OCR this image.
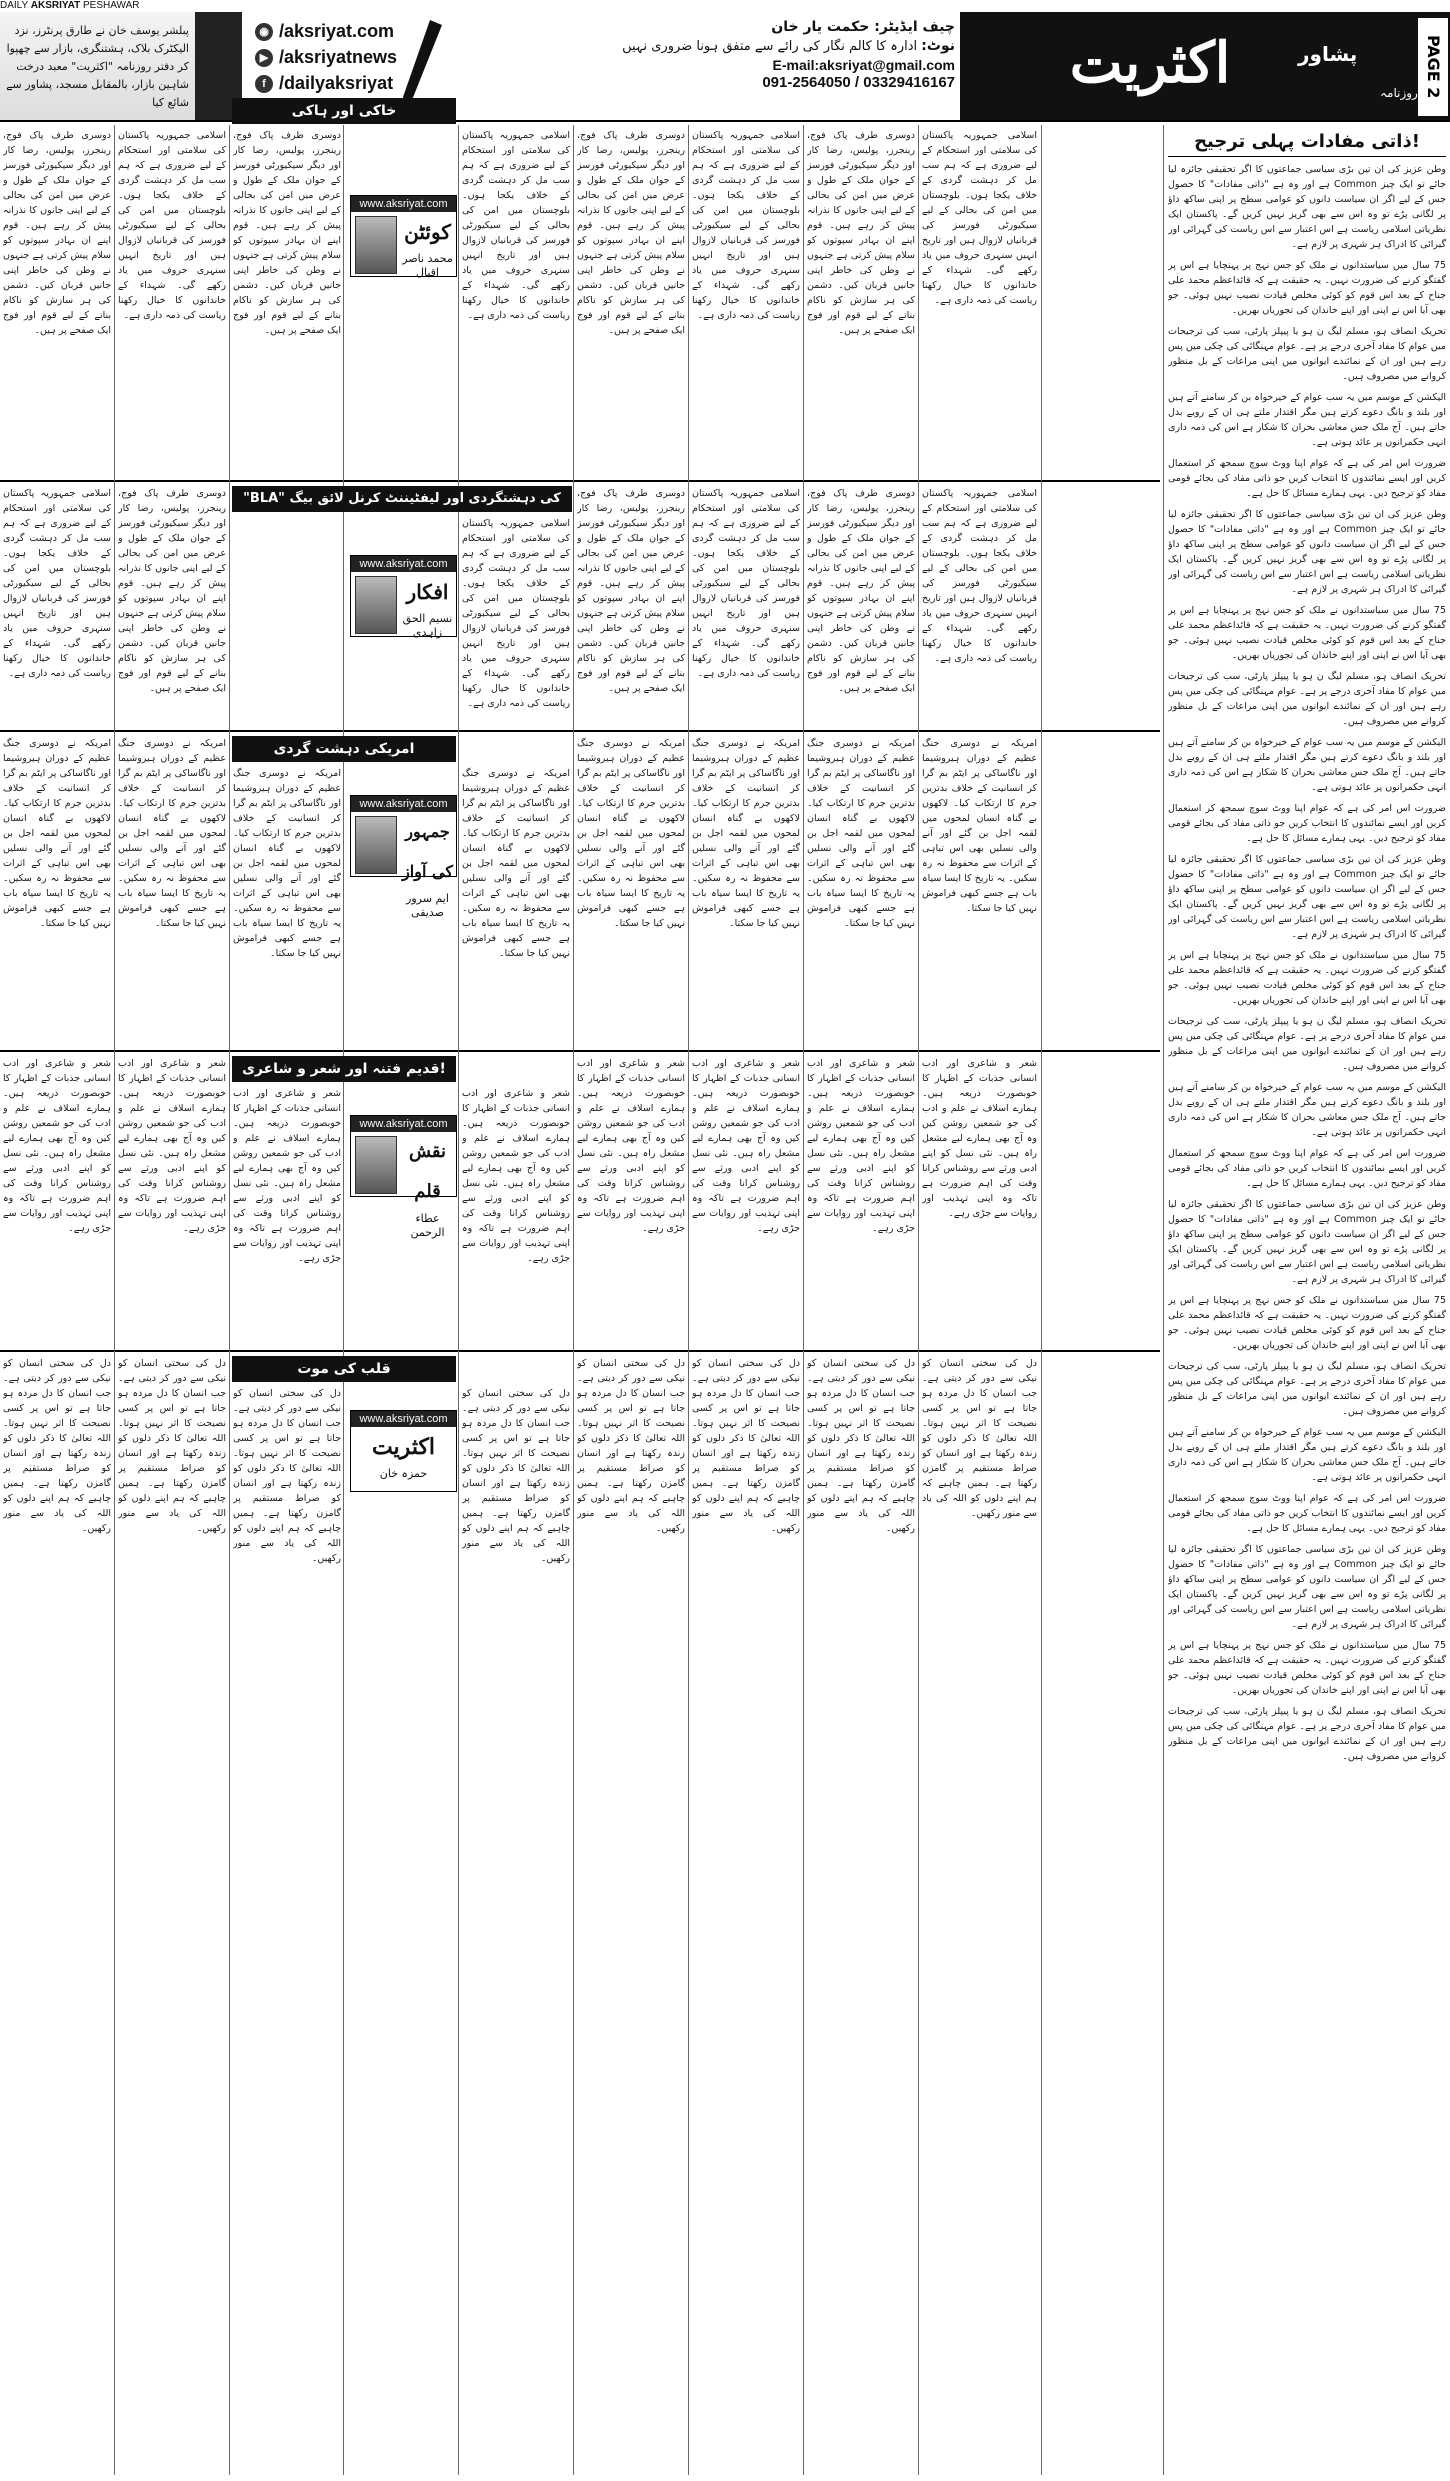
DAILY AKSRIYAT PESHAWAR
پبلشر یوسف خان نے طارق پرنٹرز، نزد الیکٹرک بلاک، ہشتنگری، بازار سے چھپوا کر دفتر روزنامہ "اکثریت" معبد درخت شاہین بازار، بالمقابل مسجد، پشاور سے شائع کیا
◉ /aksriyat.com
▶ /aksriyatnews
f /dailyaksriyat
چیف ایڈیٹر: حکمت یار خان
نوٹ: ادارہ کا کالم نگار کی رائے سے متفق ہونا ضروری نہیں
E-mail:aksriyat@gmail.com
091-2564050 / 03329416167	اکثریت	پشاور
روزنامہ PAGE 2
ذاتی مفادات پہلی ترجیح!

وطن عزیز کی ان تین بڑی سیاسی جماعتوں کا اگر تحقیقی جائزہ لیا جائے تو ایک چیز Common ہے اور وہ ہے "ذاتی مفادات" کا حصول جس کے لیے اگر ان سیاست دانوں کو عوامی سطح پر اپنی ساکھ داؤ پر لگانی پڑے تو وہ اس سے بھی گریز نہیں کریں گے۔ پاکستان ایک نظریاتی اسلامی ریاست ہے اس اعتبار سے اس ریاست کی گہرائی اور گیرائی کا ادراک ہر شہری پر لازم ہے۔

75 سال میں سیاستدانوں نے ملک کو جس نہج پر پہنچایا ہے اس پر گفتگو کرنے کی ضرورت نہیں۔ یہ حقیقت ہے کہ قائداعظم محمد علی جناح کے بعد اس قوم کو کوئی مخلص قیادت نصیب نہیں ہوئی۔ جو بھی آیا اس نے اپنی اور اپنے خاندان کی تجوریاں بھریں۔

تحریک انصاف ہو، مسلم لیگ ن ہو یا پیپلز پارٹی، سب کی ترجیحات میں عوام کا مفاد آخری درجے پر ہے۔ عوام مہنگائی کی چکی میں پس رہے ہیں اور ان کے نمائندے ایوانوں میں اپنی مراعات کے بل منظور کروانے میں مصروف ہیں۔

الیکشن کے موسم میں یہ سب عوام کے خیرخواہ بن کر سامنے آتے ہیں اور بلند و بانگ دعوے کرتے ہیں مگر اقتدار ملتے ہی ان کے رویے بدل جاتے ہیں۔ آج ملک جس معاشی بحران کا شکار ہے اس کی ذمہ داری انہی حکمرانوں پر عائد ہوتی ہے۔

ضرورت اس امر کی ہے کہ عوام اپنا ووٹ سوچ سمجھ کر استعمال کریں اور ایسے نمائندوں کا انتخاب کریں جو ذاتی مفاد کی بجائے قومی مفاد کو ترجیح دیں۔ یہی ہمارے مسائل کا حل ہے۔

وطن عزیز کی ان تین بڑی سیاسی جماعتوں کا اگر تحقیقی جائزہ لیا جائے تو ایک چیز Common ہے اور وہ ہے "ذاتی مفادات" کا حصول جس کے لیے اگر ان سیاست دانوں کو عوامی سطح پر اپنی ساکھ داؤ پر لگانی پڑے تو وہ اس سے بھی گریز نہیں کریں گے۔ پاکستان ایک نظریاتی اسلامی ریاست ہے اس اعتبار سے اس ریاست کی گہرائی اور گیرائی کا ادراک ہر شہری پر لازم ہے۔

75 سال میں سیاستدانوں نے ملک کو جس نہج پر پہنچایا ہے اس پر گفتگو کرنے کی ضرورت نہیں۔ یہ حقیقت ہے کہ قائداعظم محمد علی جناح کے بعد اس قوم کو کوئی مخلص قیادت نصیب نہیں ہوئی۔ جو بھی آیا اس نے اپنی اور اپنے خاندان کی تجوریاں بھریں۔

تحریک انصاف ہو، مسلم لیگ ن ہو یا پیپلز پارٹی، سب کی ترجیحات میں عوام کا مفاد آخری درجے پر ہے۔ عوام مہنگائی کی چکی میں پس رہے ہیں اور ان کے نمائندے ایوانوں میں اپنی مراعات کے بل منظور کروانے میں مصروف ہیں۔

الیکشن کے موسم میں یہ سب عوام کے خیرخواہ بن کر سامنے آتے ہیں اور بلند و بانگ دعوے کرتے ہیں مگر اقتدار ملتے ہی ان کے رویے بدل جاتے ہیں۔ آج ملک جس معاشی بحران کا شکار ہے اس کی ذمہ داری انہی حکمرانوں پر عائد ہوتی ہے۔

ضرورت اس امر کی ہے کہ عوام اپنا ووٹ سوچ سمجھ کر استعمال کریں اور ایسے نمائندوں کا انتخاب کریں جو ذاتی مفاد کی بجائے قومی مفاد کو ترجیح دیں۔ یہی ہمارے مسائل کا حل ہے۔

وطن عزیز کی ان تین بڑی سیاسی جماعتوں کا اگر تحقیقی جائزہ لیا جائے تو ایک چیز Common ہے اور وہ ہے "ذاتی مفادات" کا حصول جس کے لیے اگر ان سیاست دانوں کو عوامی سطح پر اپنی ساکھ داؤ پر لگانی پڑے تو وہ اس سے بھی گریز نہیں کریں گے۔ پاکستان ایک نظریاتی اسلامی ریاست ہے اس اعتبار سے اس ریاست کی گہرائی اور گیرائی کا ادراک ہر شہری پر لازم ہے۔

75 سال میں سیاستدانوں نے ملک کو جس نہج پر پہنچایا ہے اس پر گفتگو کرنے کی ضرورت نہیں۔ یہ حقیقت ہے کہ قائداعظم محمد علی جناح کے بعد اس قوم کو کوئی مخلص قیادت نصیب نہیں ہوئی۔ جو بھی آیا اس نے اپنی اور اپنے خاندان کی تجوریاں بھریں۔

تحریک انصاف ہو، مسلم لیگ ن ہو یا پیپلز پارٹی، سب کی ترجیحات میں عوام کا مفاد آخری درجے پر ہے۔ عوام مہنگائی کی چکی میں پس رہے ہیں اور ان کے نمائندے ایوانوں میں اپنی مراعات کے بل منظور کروانے میں مصروف ہیں۔

الیکشن کے موسم میں یہ سب عوام کے خیرخواہ بن کر سامنے آتے ہیں اور بلند و بانگ دعوے کرتے ہیں مگر اقتدار ملتے ہی ان کے رویے بدل جاتے ہیں۔ آج ملک جس معاشی بحران کا شکار ہے اس کی ذمہ داری انہی حکمرانوں پر عائد ہوتی ہے۔

ضرورت اس امر کی ہے کہ عوام اپنا ووٹ سوچ سمجھ کر استعمال کریں اور ایسے نمائندوں کا انتخاب کریں جو ذاتی مفاد کی بجائے قومی مفاد کو ترجیح دیں۔ یہی ہمارے مسائل کا حل ہے۔

وطن عزیز کی ان تین بڑی سیاسی جماعتوں کا اگر تحقیقی جائزہ لیا جائے تو ایک چیز Common ہے اور وہ ہے "ذاتی مفادات" کا حصول جس کے لیے اگر ان سیاست دانوں کو عوامی سطح پر اپنی ساکھ داؤ پر لگانی پڑے تو وہ اس سے بھی گریز نہیں کریں گے۔ پاکستان ایک نظریاتی اسلامی ریاست ہے اس اعتبار سے اس ریاست کی گہرائی اور گیرائی کا ادراک ہر شہری پر لازم ہے۔

75 سال میں سیاستدانوں نے ملک کو جس نہج پر پہنچایا ہے اس پر گفتگو کرنے کی ضرورت نہیں۔ یہ حقیقت ہے کہ قائداعظم محمد علی جناح کے بعد اس قوم کو کوئی مخلص قیادت نصیب نہیں ہوئی۔ جو بھی آیا اس نے اپنی اور اپنے خاندان کی تجوریاں بھریں۔

تحریک انصاف ہو، مسلم لیگ ن ہو یا پیپلز پارٹی، سب کی ترجیحات میں عوام کا مفاد آخری درجے پر ہے۔ عوام مہنگائی کی چکی میں پس رہے ہیں اور ان کے نمائندے ایوانوں میں اپنی مراعات کے بل منظور کروانے میں مصروف ہیں۔

الیکشن کے موسم میں یہ سب عوام کے خیرخواہ بن کر سامنے آتے ہیں اور بلند و بانگ دعوے کرتے ہیں مگر اقتدار ملتے ہی ان کے رویے بدل جاتے ہیں۔ آج ملک جس معاشی بحران کا شکار ہے اس کی ذمہ داری انہی حکمرانوں پر عائد ہوتی ہے۔

ضرورت اس امر کی ہے کہ عوام اپنا ووٹ سوچ سمجھ کر استعمال کریں اور ایسے نمائندوں کا انتخاب کریں جو ذاتی مفاد کی بجائے قومی مفاد کو ترجیح دیں۔ یہی ہمارے مسائل کا حل ہے۔

وطن عزیز کی ان تین بڑی سیاسی جماعتوں کا اگر تحقیقی جائزہ لیا جائے تو ایک چیز Common ہے اور وہ ہے "ذاتی مفادات" کا حصول جس کے لیے اگر ان سیاست دانوں کو عوامی سطح پر اپنی ساکھ داؤ پر لگانی پڑے تو وہ اس سے بھی گریز نہیں کریں گے۔ پاکستان ایک نظریاتی اسلامی ریاست ہے اس اعتبار سے اس ریاست کی گہرائی اور گیرائی کا ادراک ہر شہری پر لازم ہے۔

75 سال میں سیاستدانوں نے ملک کو جس نہج پر پہنچایا ہے اس پر گفتگو کرنے کی ضرورت نہیں۔ یہ حقیقت ہے کہ قائداعظم محمد علی جناح کے بعد اس قوم کو کوئی مخلص قیادت نصیب نہیں ہوئی۔ جو بھی آیا اس نے اپنی اور اپنے خاندان کی تجوریاں بھریں۔

تحریک انصاف ہو، مسلم لیگ ن ہو یا پیپلز پارٹی، سب کی ترجیحات میں عوام کا مفاد آخری درجے پر ہے۔ عوام مہنگائی کی چکی میں پس رہے ہیں اور ان کے نمائندے ایوانوں میں اپنی مراعات کے بل منظور کروانے میں مصروف ہیں۔

خاکی اور ہاکی
www.aksriyat.com
کوئٹن
محمد ناصر اقبال
"BLA" کی دہشتگردی اور لیفٹیننٹ کرنل لائق بیگ مرزا کی شہادت
www.aksriyat.com
افکار
نسیم الحق زاہدی
امریکی دہشت گردی
www.aksriyat.com
جمہور کی آواز
ایم سرور صدیقی
قدیم فتنہ اور شعر و شاعری!
www.aksriyat.com
نقش قلم
عطاء الرحمن
قلب کی موت
www.aksriyat.com
اکثریت
حمزہ خان
اسلامی جمہوریہ پاکستان کی سلامتی اور استحکام کے لیے ضروری ہے کہ ہم سب مل کر دہشت گردی کے خلاف یکجا ہوں۔ بلوچستان میں امن کی بحالی کے لیے سیکیورٹی فورسز کی قربانیاں لازوال ہیں اور تاریخ انہیں سنہری حروف میں یاد رکھے گی۔ شہداء کے خاندانوں کا خیال رکھنا ریاست کی ذمہ داری ہے۔
دوسری طرف پاک فوج، رینجرز، پولیس، رضا کار اور دیگر سیکیورٹی فورسز کے جوان ملک کے طول و عرض میں امن کی بحالی کے لیے اپنی جانوں کا نذرانہ پیش کر رہے ہیں۔ قوم اپنے ان بہادر سپوتوں کو سلام پیش کرتی ہے جنہوں نے وطن کی خاطر اپنی جانیں قربان کیں۔ دشمن کی ہر سازش کو ناکام بنانے کے لیے قوم اور فوج ایک صفحے پر ہیں۔
اسلامی جمہوریہ پاکستان کی سلامتی اور استحکام کے لیے ضروری ہے کہ ہم سب مل کر دہشت گردی کے خلاف یکجا ہوں۔ بلوچستان میں امن کی بحالی کے لیے سیکیورٹی فورسز کی قربانیاں لازوال ہیں اور تاریخ انہیں سنہری حروف میں یاد رکھے گی۔ شہداء کے خاندانوں کا خیال رکھنا ریاست کی ذمہ داری ہے۔
دوسری طرف پاک فوج، رینجرز، پولیس، رضا کار اور دیگر سیکیورٹی فورسز کے جوان ملک کے طول و عرض میں امن کی بحالی کے لیے اپنی جانوں کا نذرانہ پیش کر رہے ہیں۔ قوم اپنے ان بہادر سپوتوں کو سلام پیش کرتی ہے جنہوں نے وطن کی خاطر اپنی جانیں قربان کیں۔ دشمن کی ہر سازش کو ناکام بنانے کے لیے قوم اور فوج ایک صفحے پر ہیں۔
اسلامی جمہوریہ پاکستان کی سلامتی اور استحکام کے لیے ضروری ہے کہ ہم سب مل کر دہشت گردی کے خلاف یکجا ہوں۔ بلوچستان میں امن کی بحالی کے لیے سیکیورٹی فورسز کی قربانیاں لازوال ہیں اور تاریخ انہیں سنہری حروف میں یاد رکھے گی۔ شہداء کے خاندانوں کا خیال رکھنا ریاست کی ذمہ داری ہے۔
دوسری طرف پاک فوج، رینجرز، پولیس، رضا کار اور دیگر سیکیورٹی فورسز کے جوان ملک کے طول و عرض میں امن کی بحالی کے لیے اپنی جانوں کا نذرانہ پیش کر رہے ہیں۔ قوم اپنے ان بہادر سپوتوں کو سلام پیش کرتی ہے جنہوں نے وطن کی خاطر اپنی جانیں قربان کیں۔ دشمن کی ہر سازش کو ناکام بنانے کے لیے قوم اور فوج ایک صفحے پر ہیں۔
اسلامی جمہوریہ پاکستان کی سلامتی اور استحکام کے لیے ضروری ہے کہ ہم سب مل کر دہشت گردی کے خلاف یکجا ہوں۔ بلوچستان میں امن کی بحالی کے لیے سیکیورٹی فورسز کی قربانیاں لازوال ہیں اور تاریخ انہیں سنہری حروف میں یاد رکھے گی۔ شہداء کے خاندانوں کا خیال رکھنا ریاست کی ذمہ داری ہے۔
دوسری طرف پاک فوج، رینجرز، پولیس، رضا کار اور دیگر سیکیورٹی فورسز کے جوان ملک کے طول و عرض میں امن کی بحالی کے لیے اپنی جانوں کا نذرانہ پیش کر رہے ہیں۔ قوم اپنے ان بہادر سپوتوں کو سلام پیش کرتی ہے جنہوں نے وطن کی خاطر اپنی جانیں قربان کیں۔ دشمن کی ہر سازش کو ناکام بنانے کے لیے قوم اور فوج ایک صفحے پر ہیں۔
اسلامی جمہوریہ پاکستان کی سلامتی اور استحکام کے لیے ضروری ہے کہ ہم سب مل کر دہشت گردی کے خلاف یکجا ہوں۔ بلوچستان میں امن کی بحالی کے لیے سیکیورٹی فورسز کی قربانیاں لازوال ہیں اور تاریخ انہیں سنہری حروف میں یاد رکھے گی۔ شہداء کے خاندانوں کا خیال رکھنا ریاست کی ذمہ داری ہے۔
دوسری طرف پاک فوج، رینجرز، پولیس، رضا کار اور دیگر سیکیورٹی فورسز کے جوان ملک کے طول و عرض میں امن کی بحالی کے لیے اپنی جانوں کا نذرانہ پیش کر رہے ہیں۔ قوم اپنے ان بہادر سپوتوں کو سلام پیش کرتی ہے جنہوں نے وطن کی خاطر اپنی جانیں قربان کیں۔ دشمن کی ہر سازش کو ناکام بنانے کے لیے قوم اور فوج ایک صفحے پر ہیں۔
اسلامی جمہوریہ پاکستان کی سلامتی اور استحکام کے لیے ضروری ہے کہ ہم سب مل کر دہشت گردی کے خلاف یکجا ہوں۔ بلوچستان میں امن کی بحالی کے لیے سیکیورٹی فورسز کی قربانیاں لازوال ہیں اور تاریخ انہیں سنہری حروف میں یاد رکھے گی۔ شہداء کے خاندانوں کا خیال رکھنا ریاست کی ذمہ داری ہے۔
دوسری طرف پاک فوج، رینجرز، پولیس، رضا کار اور دیگر سیکیورٹی فورسز کے جوان ملک کے طول و عرض میں امن کی بحالی کے لیے اپنی جانوں کا نذرانہ پیش کر رہے ہیں۔ قوم اپنے ان بہادر سپوتوں کو سلام پیش کرتی ہے جنہوں نے وطن کی خاطر اپنی جانیں قربان کیں۔ دشمن کی ہر سازش کو ناکام بنانے کے لیے قوم اور فوج ایک صفحے پر ہیں۔
اسلامی جمہوریہ پاکستان کی سلامتی اور استحکام کے لیے ضروری ہے کہ ہم سب مل کر دہشت گردی کے خلاف یکجا ہوں۔ بلوچستان میں امن کی بحالی کے لیے سیکیورٹی فورسز کی قربانیاں لازوال ہیں اور تاریخ انہیں سنہری حروف میں یاد رکھے گی۔ شہداء کے خاندانوں کا خیال رکھنا ریاست کی ذمہ داری ہے۔
دوسری طرف پاک فوج، رینجرز، پولیس، رضا کار اور دیگر سیکیورٹی فورسز کے جوان ملک کے طول و عرض میں امن کی بحالی کے لیے اپنی جانوں کا نذرانہ پیش کر رہے ہیں۔ قوم اپنے ان بہادر سپوتوں کو سلام پیش کرتی ہے جنہوں نے وطن کی خاطر اپنی جانیں قربان کیں۔ دشمن کی ہر سازش کو ناکام بنانے کے لیے قوم اور فوج ایک صفحے پر ہیں۔
اسلامی جمہوریہ پاکستان کی سلامتی اور استحکام کے لیے ضروری ہے کہ ہم سب مل کر دہشت گردی کے خلاف یکجا ہوں۔ بلوچستان میں امن کی بحالی کے لیے سیکیورٹی فورسز کی قربانیاں لازوال ہیں اور تاریخ انہیں سنہری حروف میں یاد رکھے گی۔ شہداء کے خاندانوں کا خیال رکھنا ریاست کی ذمہ داری ہے۔
امریکہ نے دوسری جنگ عظیم کے دوران ہیروشیما اور ناگاساکی پر ایٹم بم گرا کر انسانیت کے خلاف بدترین جرم کا ارتکاب کیا۔ لاکھوں بے گناہ انسان لمحوں میں لقمہ اجل بن گئے اور آنے والی نسلیں بھی اس تباہی کے اثرات سے محفوظ نہ رہ سکیں۔ یہ تاریخ کا ایسا سیاہ باب ہے جسے کبھی فراموش نہیں کیا جا سکتا۔
امریکہ نے دوسری جنگ عظیم کے دوران ہیروشیما اور ناگاساکی پر ایٹم بم گرا کر انسانیت کے خلاف بدترین جرم کا ارتکاب کیا۔ لاکھوں بے گناہ انسان لمحوں میں لقمہ اجل بن گئے اور آنے والی نسلیں بھی اس تباہی کے اثرات سے محفوظ نہ رہ سکیں۔ یہ تاریخ کا ایسا سیاہ باب ہے جسے کبھی فراموش نہیں کیا جا سکتا۔
امریکہ نے دوسری جنگ عظیم کے دوران ہیروشیما اور ناگاساکی پر ایٹم بم گرا کر انسانیت کے خلاف بدترین جرم کا ارتکاب کیا۔ لاکھوں بے گناہ انسان لمحوں میں لقمہ اجل بن گئے اور آنے والی نسلیں بھی اس تباہی کے اثرات سے محفوظ نہ رہ سکیں۔ یہ تاریخ کا ایسا سیاہ باب ہے جسے کبھی فراموش نہیں کیا جا سکتا۔
امریکہ نے دوسری جنگ عظیم کے دوران ہیروشیما اور ناگاساکی پر ایٹم بم گرا کر انسانیت کے خلاف بدترین جرم کا ارتکاب کیا۔ لاکھوں بے گناہ انسان لمحوں میں لقمہ اجل بن گئے اور آنے والی نسلیں بھی اس تباہی کے اثرات سے محفوظ نہ رہ سکیں۔ یہ تاریخ کا ایسا سیاہ باب ہے جسے کبھی فراموش نہیں کیا جا سکتا۔
امریکہ نے دوسری جنگ عظیم کے دوران ہیروشیما اور ناگاساکی پر ایٹم بم گرا کر انسانیت کے خلاف بدترین جرم کا ارتکاب کیا۔ لاکھوں بے گناہ انسان لمحوں میں لقمہ اجل بن گئے اور آنے والی نسلیں بھی اس تباہی کے اثرات سے محفوظ نہ رہ سکیں۔ یہ تاریخ کا ایسا سیاہ باب ہے جسے کبھی فراموش نہیں کیا جا سکتا۔
امریکہ نے دوسری جنگ عظیم کے دوران ہیروشیما اور ناگاساکی پر ایٹم بم گرا کر انسانیت کے خلاف بدترین جرم کا ارتکاب کیا۔ لاکھوں بے گناہ انسان لمحوں میں لقمہ اجل بن گئے اور آنے والی نسلیں بھی اس تباہی کے اثرات سے محفوظ نہ رہ سکیں۔ یہ تاریخ کا ایسا سیاہ باب ہے جسے کبھی فراموش نہیں کیا جا سکتا۔
امریکہ نے دوسری جنگ عظیم کے دوران ہیروشیما اور ناگاساکی پر ایٹم بم گرا کر انسانیت کے خلاف بدترین جرم کا ارتکاب کیا۔ لاکھوں بے گناہ انسان لمحوں میں لقمہ اجل بن گئے اور آنے والی نسلیں بھی اس تباہی کے اثرات سے محفوظ نہ رہ سکیں۔ یہ تاریخ کا ایسا سیاہ باب ہے جسے کبھی فراموش نہیں کیا جا سکتا۔
امریکہ نے دوسری جنگ عظیم کے دوران ہیروشیما اور ناگاساکی پر ایٹم بم گرا کر انسانیت کے خلاف بدترین جرم کا ارتکاب کیا۔ لاکھوں بے گناہ انسان لمحوں میں لقمہ اجل بن گئے اور آنے والی نسلیں بھی اس تباہی کے اثرات سے محفوظ نہ رہ سکیں۔ یہ تاریخ کا ایسا سیاہ باب ہے جسے کبھی فراموش نہیں کیا جا سکتا۔
شعر و شاعری اور ادب انسانی جذبات کے اظہار کا خوبصورت ذریعہ ہیں۔ ہمارے اسلاف نے علم و ادب کی جو شمعیں روشن کیں وہ آج بھی ہمارے لیے مشعل راہ ہیں۔ نئی نسل کو اپنے ادبی ورثے سے روشناس کرانا وقت کی اہم ضرورت ہے تاکہ وہ اپنی تہذیب اور روایات سے جڑی رہے۔
شعر و شاعری اور ادب انسانی جذبات کے اظہار کا خوبصورت ذریعہ ہیں۔ ہمارے اسلاف نے علم و ادب کی جو شمعیں روشن کیں وہ آج بھی ہمارے لیے مشعل راہ ہیں۔ نئی نسل کو اپنے ادبی ورثے سے روشناس کرانا وقت کی اہم ضرورت ہے تاکہ وہ اپنی تہذیب اور روایات سے جڑی رہے۔
شعر و شاعری اور ادب انسانی جذبات کے اظہار کا خوبصورت ذریعہ ہیں۔ ہمارے اسلاف نے علم و ادب کی جو شمعیں روشن کیں وہ آج بھی ہمارے لیے مشعل راہ ہیں۔ نئی نسل کو اپنے ادبی ورثے سے روشناس کرانا وقت کی اہم ضرورت ہے تاکہ وہ اپنی تہذیب اور روایات سے جڑی رہے۔
شعر و شاعری اور ادب انسانی جذبات کے اظہار کا خوبصورت ذریعہ ہیں۔ ہمارے اسلاف نے علم و ادب کی جو شمعیں روشن کیں وہ آج بھی ہمارے لیے مشعل راہ ہیں۔ نئی نسل کو اپنے ادبی ورثے سے روشناس کرانا وقت کی اہم ضرورت ہے تاکہ وہ اپنی تہذیب اور روایات سے جڑی رہے۔
شعر و شاعری اور ادب انسانی جذبات کے اظہار کا خوبصورت ذریعہ ہیں۔ ہمارے اسلاف نے علم و ادب کی جو شمعیں روشن کیں وہ آج بھی ہمارے لیے مشعل راہ ہیں۔ نئی نسل کو اپنے ادبی ورثے سے روشناس کرانا وقت کی اہم ضرورت ہے تاکہ وہ اپنی تہذیب اور روایات سے جڑی رہے۔
شعر و شاعری اور ادب انسانی جذبات کے اظہار کا خوبصورت ذریعہ ہیں۔ ہمارے اسلاف نے علم و ادب کی جو شمعیں روشن کیں وہ آج بھی ہمارے لیے مشعل راہ ہیں۔ نئی نسل کو اپنے ادبی ورثے سے روشناس کرانا وقت کی اہم ضرورت ہے تاکہ وہ اپنی تہذیب اور روایات سے جڑی رہے۔
شعر و شاعری اور ادب انسانی جذبات کے اظہار کا خوبصورت ذریعہ ہیں۔ ہمارے اسلاف نے علم و ادب کی جو شمعیں روشن کیں وہ آج بھی ہمارے لیے مشعل راہ ہیں۔ نئی نسل کو اپنے ادبی ورثے سے روشناس کرانا وقت کی اہم ضرورت ہے تاکہ وہ اپنی تہذیب اور روایات سے جڑی رہے۔
شعر و شاعری اور ادب انسانی جذبات کے اظہار کا خوبصورت ذریعہ ہیں۔ ہمارے اسلاف نے علم و ادب کی جو شمعیں روشن کیں وہ آج بھی ہمارے لیے مشعل راہ ہیں۔ نئی نسل کو اپنے ادبی ورثے سے روشناس کرانا وقت کی اہم ضرورت ہے تاکہ وہ اپنی تہذیب اور روایات سے جڑی رہے۔
دل کی سختی انسان کو نیکی سے دور کر دیتی ہے۔ جب انسان کا دل مردہ ہو جاتا ہے تو اس پر کسی نصیحت کا اثر نہیں ہوتا۔ اللہ تعالیٰ کا ذکر دلوں کو زندہ رکھتا ہے اور انسان کو صراط مستقیم پر گامزن رکھتا ہے۔ ہمیں چاہیے کہ ہم اپنے دلوں کو اللہ کی یاد سے منور رکھیں۔
دل کی سختی انسان کو نیکی سے دور کر دیتی ہے۔ جب انسان کا دل مردہ ہو جاتا ہے تو اس پر کسی نصیحت کا اثر نہیں ہوتا۔ اللہ تعالیٰ کا ذکر دلوں کو زندہ رکھتا ہے اور انسان کو صراط مستقیم پر گامزن رکھتا ہے۔ ہمیں چاہیے کہ ہم اپنے دلوں کو اللہ کی یاد سے منور رکھیں۔
دل کی سختی انسان کو نیکی سے دور کر دیتی ہے۔ جب انسان کا دل مردہ ہو جاتا ہے تو اس پر کسی نصیحت کا اثر نہیں ہوتا۔ اللہ تعالیٰ کا ذکر دلوں کو زندہ رکھتا ہے اور انسان کو صراط مستقیم پر گامزن رکھتا ہے۔ ہمیں چاہیے کہ ہم اپنے دلوں کو اللہ کی یاد سے منور رکھیں۔
دل کی سختی انسان کو نیکی سے دور کر دیتی ہے۔ جب انسان کا دل مردہ ہو جاتا ہے تو اس پر کسی نصیحت کا اثر نہیں ہوتا۔ اللہ تعالیٰ کا ذکر دلوں کو زندہ رکھتا ہے اور انسان کو صراط مستقیم پر گامزن رکھتا ہے۔ ہمیں چاہیے کہ ہم اپنے دلوں کو اللہ کی یاد سے منور رکھیں۔
دل کی سختی انسان کو نیکی سے دور کر دیتی ہے۔ جب انسان کا دل مردہ ہو جاتا ہے تو اس پر کسی نصیحت کا اثر نہیں ہوتا۔ اللہ تعالیٰ کا ذکر دلوں کو زندہ رکھتا ہے اور انسان کو صراط مستقیم پر گامزن رکھتا ہے۔ ہمیں چاہیے کہ ہم اپنے دلوں کو اللہ کی یاد سے منور رکھیں۔
دل کی سختی انسان کو نیکی سے دور کر دیتی ہے۔ جب انسان کا دل مردہ ہو جاتا ہے تو اس پر کسی نصیحت کا اثر نہیں ہوتا۔ اللہ تعالیٰ کا ذکر دلوں کو زندہ رکھتا ہے اور انسان کو صراط مستقیم پر گامزن رکھتا ہے۔ ہمیں چاہیے کہ ہم اپنے دلوں کو اللہ کی یاد سے منور رکھیں۔
دل کی سختی انسان کو نیکی سے دور کر دیتی ہے۔ جب انسان کا دل مردہ ہو جاتا ہے تو اس پر کسی نصیحت کا اثر نہیں ہوتا۔ اللہ تعالیٰ کا ذکر دلوں کو زندہ رکھتا ہے اور انسان کو صراط مستقیم پر گامزن رکھتا ہے۔ ہمیں چاہیے کہ ہم اپنے دلوں کو اللہ کی یاد سے منور رکھیں۔
دل کی سختی انسان کو نیکی سے دور کر دیتی ہے۔ جب انسان کا دل مردہ ہو جاتا ہے تو اس پر کسی نصیحت کا اثر نہیں ہوتا۔ اللہ تعالیٰ کا ذکر دلوں کو زندہ رکھتا ہے اور انسان کو صراط مستقیم پر گامزن رکھتا ہے۔ ہمیں چاہیے کہ ہم اپنے دلوں کو اللہ کی یاد سے منور رکھیں۔
